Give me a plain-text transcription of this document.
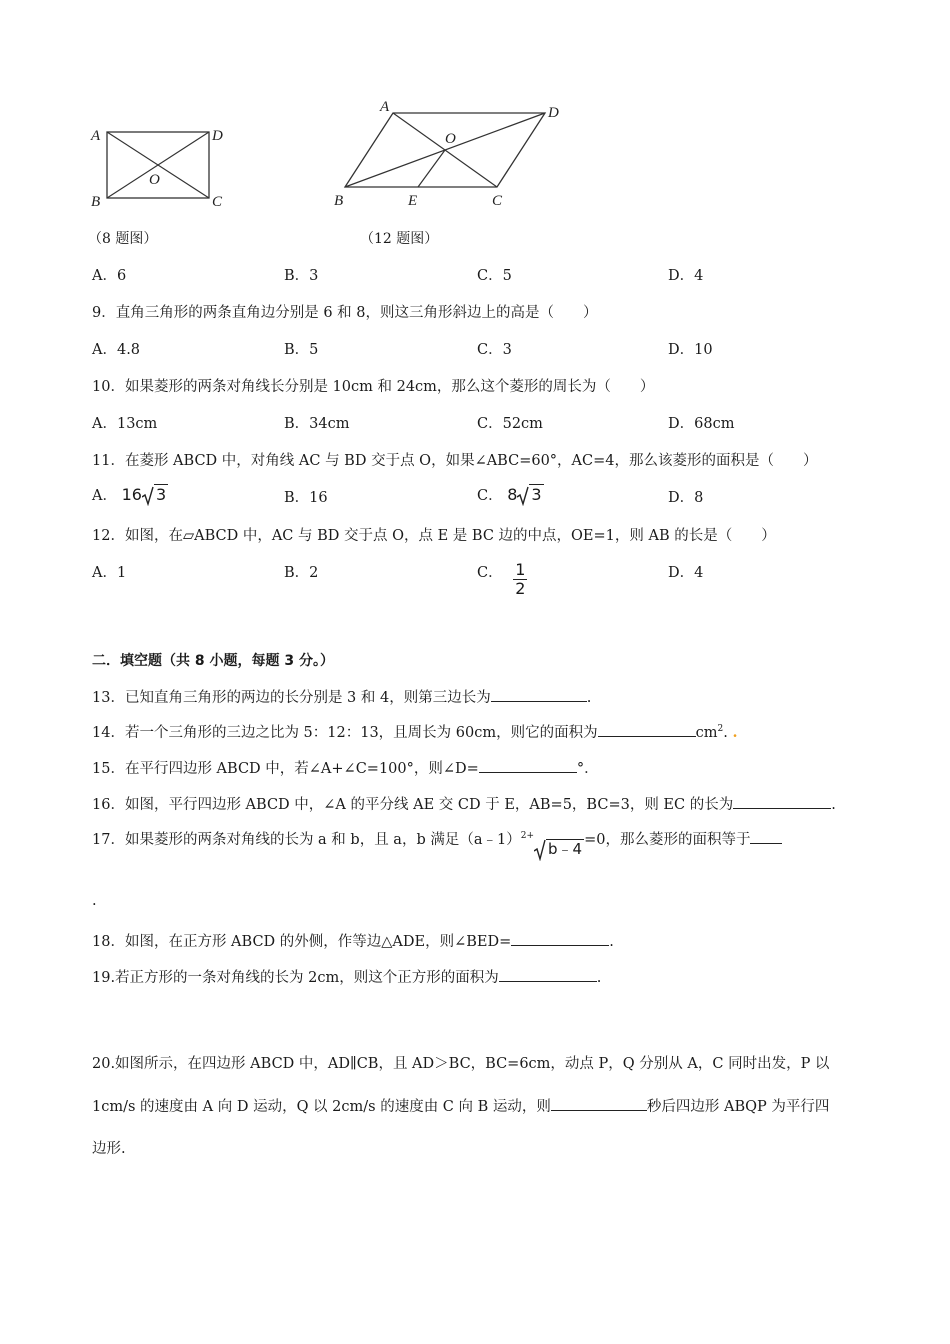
A	D
B	C
O
A	D
O
B	E	C
（8 题图）	（12 题图）
A．6	B．3	C．5	D．4
9．直角三角形的两条直角边分别是 6 和 8，则这三角形斜边上的高是（　　）
A．4.8	B．5	C．3	D．10
10．如果菱形的两条对角线长分别是 10cm 和 24cm，那么这个菱形的周长为（　　）
A．13cm	B．34cm	C．52cm	D．68cm
11．在菱形 ABCD 中，对角线 AC 与 BD 交于点 O，如果∠ABC=60°，AC=4，那么该菱形的面积是（　　）
A． 16 3	B．16	C． 8 3	D．8
12．如图，在▱ABCD 中，AC 与 BD 交于点 O，点 E 是 BC 边的中点，OE=1，则 AB 的长是（　　）
A．1	B．2	C． $\frac{1}{2}$	D．4
二．填空题（共 8 小题，每题 3 分。）
13．已知直角三角形的两边的长分别是 3 和 4，则第三边长为	.
14．若一个三角形的三边之比为 5：12：13，且周长为 60cm，则它的面积为	$cm^2$. .
15．在平行四边形 ABCD 中，若∠A+∠C=100°，则∠D=	°．
16．如图，平行四边形 ABCD 中，∠A 的平分线 AE 交 CD 于 E，AB=5，BC=3，则 EC 的长为	.
17．如果菱形的两条对角线的长为 a 和 b，且 a，b 满足（a﹣1）$^{2+}$
b﹣4 =0，那么菱形的面积等于
.
18．如图，在正方形 ABCD 的外侧，作等边△ADE，则∠BED=	.
19.若正方形的一条对角线的长为 2cm，则这个正方形的面积为	.
20.如图所示，在四边形 ABCD 中，AD∥CB，且 AD＞BC，BC=6cm，动点 P，Q 分别从 A，C 同时出发，P 以
1cm/s 的速度由 A 向 D 运动，Q 以 2cm/s 的速度由 C 向 B 运动，则	秒后四边形 ABQP 为平行四
边形.
